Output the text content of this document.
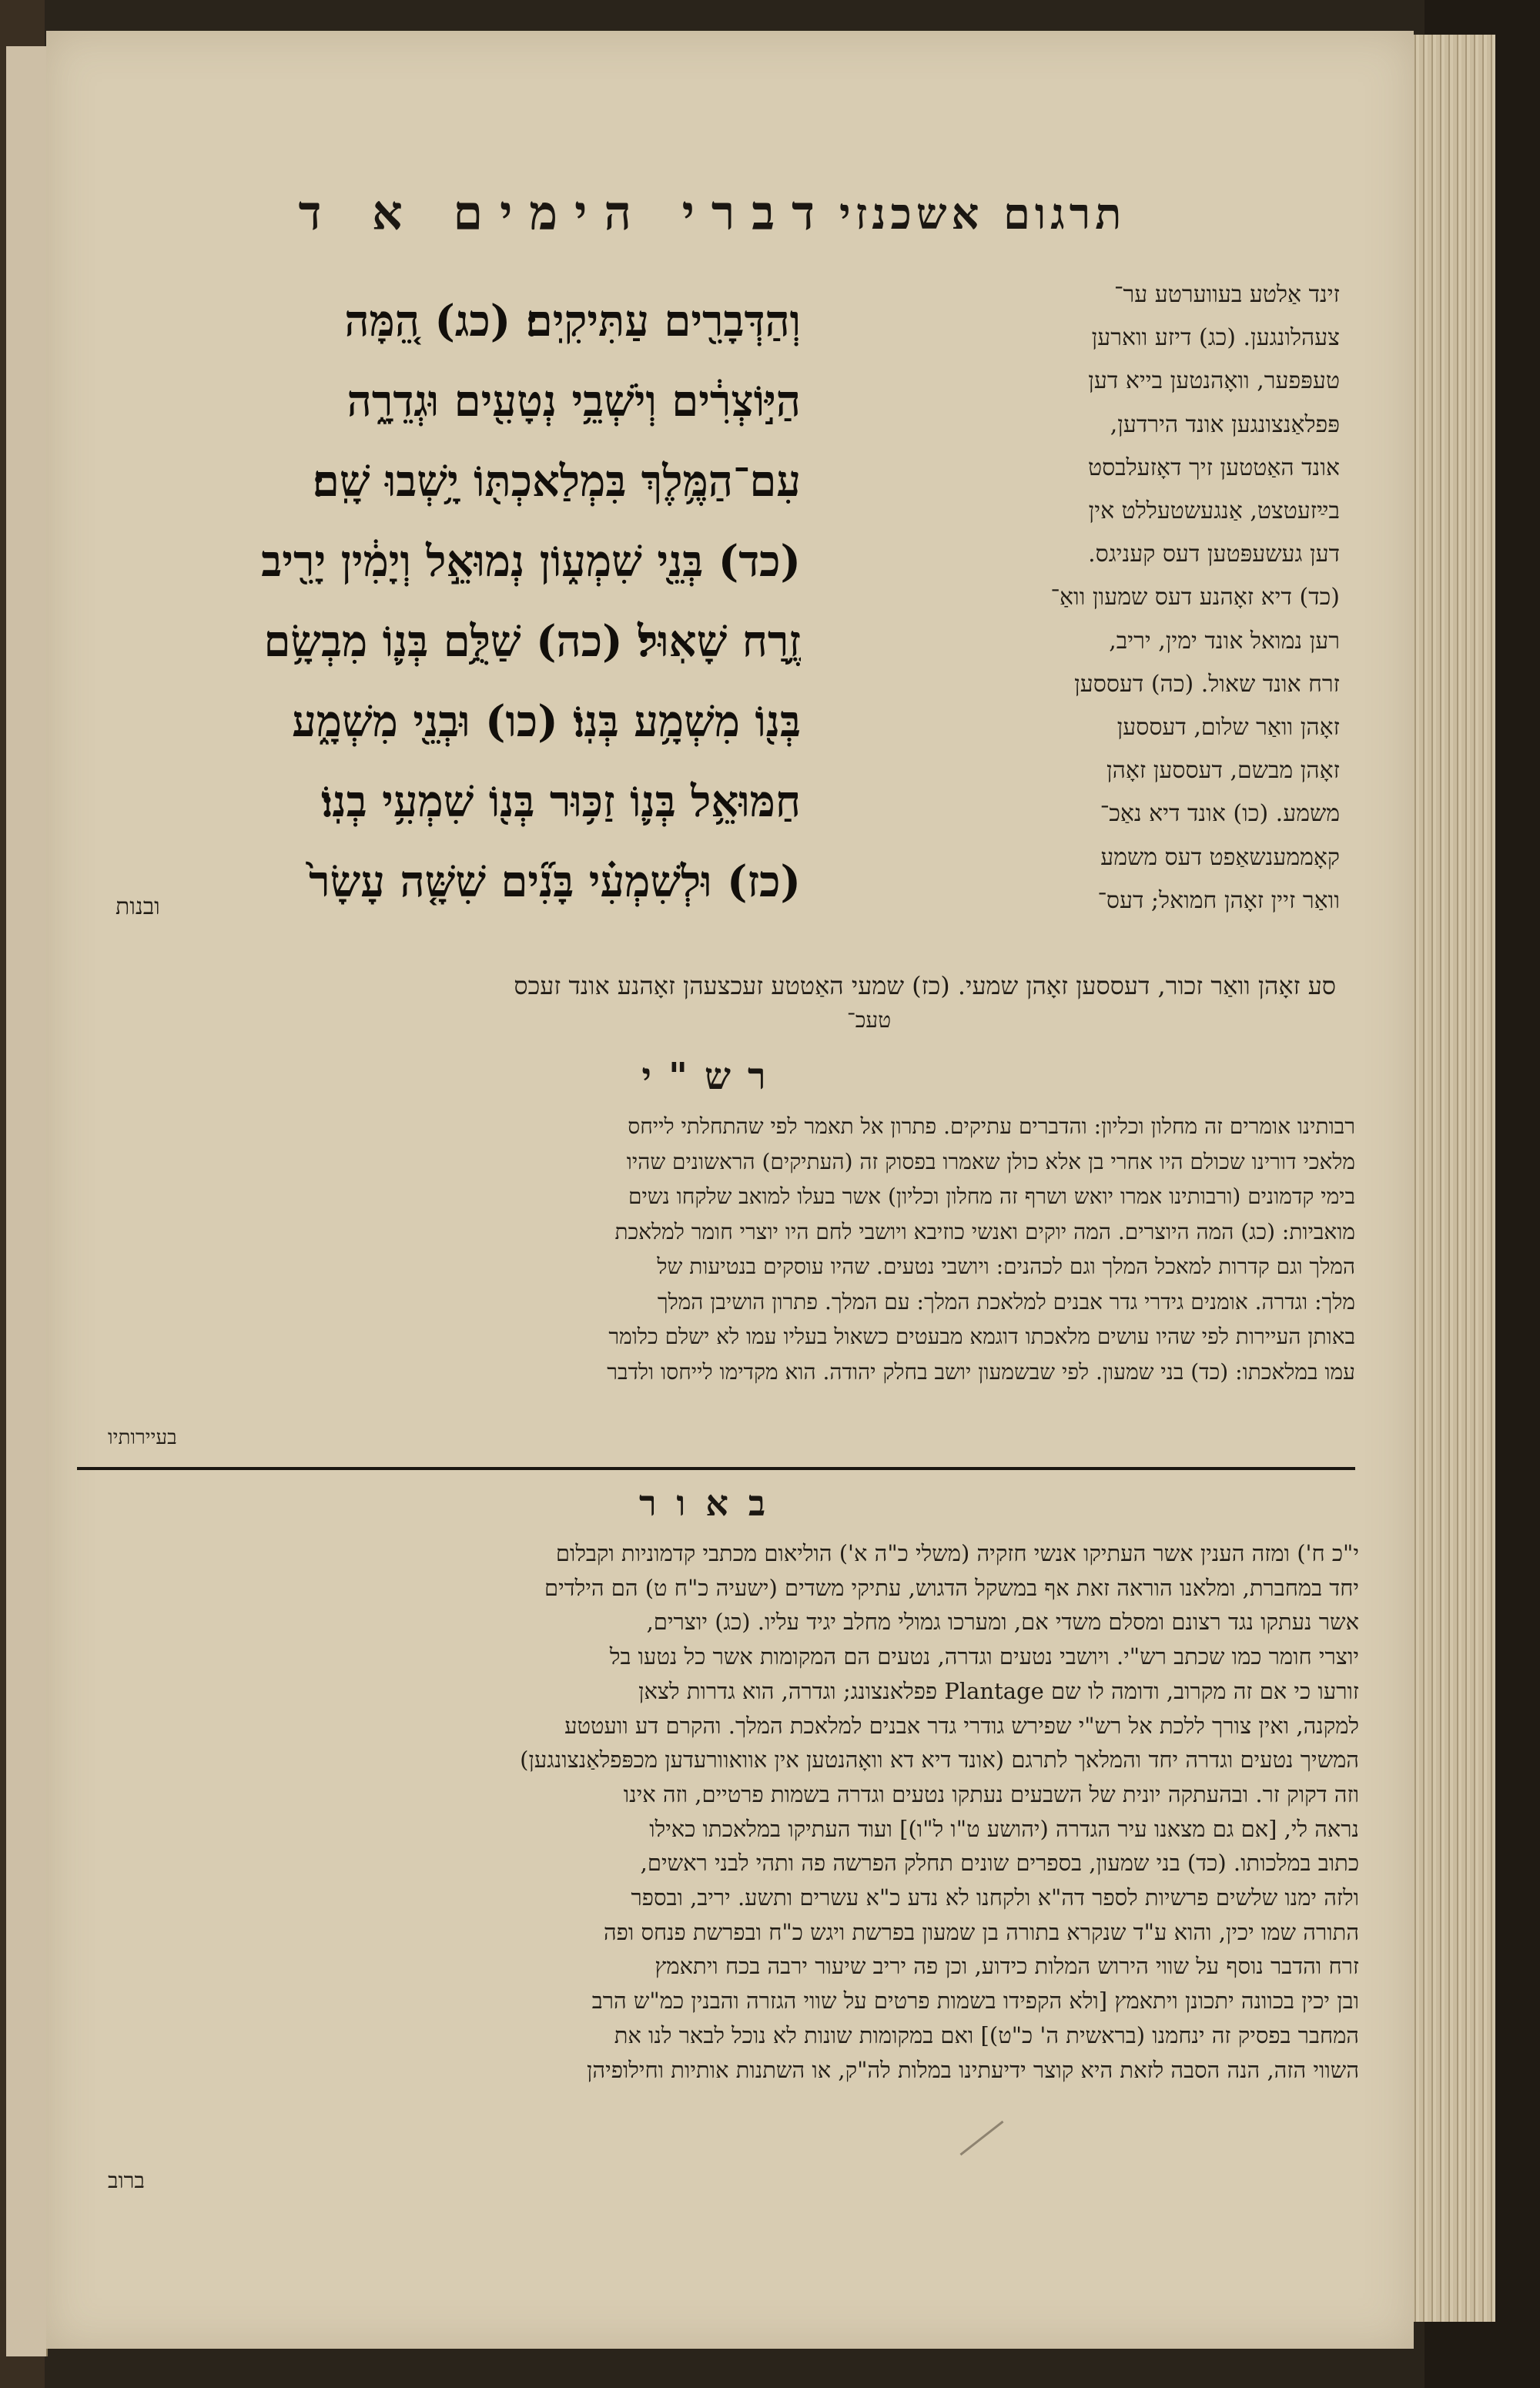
תרגום אשכנזי
דברי הימים א ד
וְהַדְּבָרִ֖ים עַתִּיקִֽים׃ (כג) הֵ֚מָּה
הַיּ֣וֹצְרִ֔ים וְיֹשְׁבֵ֥י נְטָעִ֖ים וּגְדֵרָ֑ה
עִם־הַמֶּ֥לֶךְ בִּמְלַאכְתּ֖וֹ יָ֥שְׁבוּ שָֽׁם׃
(כד) בְּנֵ֖י שִׁמְע֑וֹן נְמוּאֵ֣ל וְיָמִ֔ין יָרִ֖יב
זֶ֥רַח שָׁאֽוּל׃ (כה) שַׁלֻּ֥ם בְּנ֛וֹ מִבְשָׂ֥ם
בְּנ֖וֹ מִשְׁמָ֥ע בְּנֽוֹ׃ (כו) וּבְנֵ֖י מִשְׁמָ֑ע
חַמּוּאֵ֥ל בְּנ֛וֹ זַכּ֥וּר בְּנ֖וֹ שִׁמְעִ֥י בְנֽוֹ׃
(כז) וּלְשִׁמְעִ֗י בָּנִ֞ים שִׁשָּׁ֤ה עָשָׂר֙
ובנות
זינד אַלטע בעווערטע ער־
צעהלונגען. (כג) דיזע ווארען
טעפּפער, וואָהנטען בייא דען
פּפלאַנצונגען אונד הירדען,
אונד האַטטען זיך דאָזעלבסט
בײַזעטצט, אַנגעשטעללט אין
דען געשעפּטען דעס קעניגס.
(כד) דיא זאָהנע דעס שמעון וואַ־
רען נמואל אונד ימין, יריב,
זרח אונד שאול. (כה) דעססען
זאָהן וואַר שלום, דעססען
זאָהן מבשם, דעססען זאָהן
משמע. (כו) אונד דיא נאַכ־
קאָממענשאַפט דעס משמע
וואַר זיין זאָהן חמואל; דעס־
סע זאָהן וואַר זכור, דעססען זאָהן שמעי. (כז) שמעי האַטטע זעכצעהן זאָהנע אונד זעכס
טעכ־
רש"י
רבותינו אומרים זה מחלון וכליון: והדברים עתיקים. פתרון אל תאמר לפי שהתחלתי לייחס
מלאכי דורינו שכולם היו אחרי בן אלא כולן שאמרו בפסוק זה (העתיקים) הראשונים שהיו
בימי קדמונים (ורבותינו אמרו יואש ושרף זה מחלון וכליון) אשר בעלו למואב שלקחו נשים
מואביות: (כג) המה היוצרים. המה יוקים ואנשי כוזיבא ויושבי לחם היו יוצרי חומר למלאכת
המלך וגם קדרות למאכל המלך וגם לכהנים: ויושבי נטעים. שהיו עוסקים בנטיעות של
מלך: וגדרה. אומנים גידרי גדר אבנים למלאכת המלך: עם המלך. פתרון הושיבן המלך
באותן העיירות לפי שהיו עושים מלאכתו דוגמא מבעטים כשאול בעליו עמו לא ישלם כלומר
עמו במלאכתו: (כד) בני שמעון. לפי שבשמעון יושב בחלק יהודה. הוא מקדימו לייחסו ולדבר
בעיירותיו
באור
י"כ ח') ומזה הענין אשר העתיקו אנשי חזקיה (משלי כ"ה א') הוליאום מכתבי קדמוניות וקבלום
יחד במחברת, ומלאנו הוראה זאת אף במשקל הדגוש, עתיקי משדים (ישעיה כ"ח ט) הם הילדים
אשר נעתקו נגד רצונם ומסלם משדי אם, ומערכו גמולי מחלב יגיד עליו. (כג) יוצרים,
יוצרי חומר כמו שכתב רש"י. ויושבי נטעים וגדרה, נטעים הם המקומות אשר כל נטעו בל
זורעו כי אם זה מקרוב, ודומה לו שם Plantage פפלאנצונג; וגדרה, הוא גדרות לצאן
למקנה, ואין צורך ללכת אל רש"י שפירש גודרי גדר אבנים למלאכת המלך. והקרם דע וועטטע
המשיך נטעים וגדרה יחד והמלאך לתרגם (אונד דיא דא וואָהנטען אין אוואוורעדען מכפּפלאַנצונגען)
וזה דקוק זר. ובהעתקה יונית של השבעים נעתקו נטעים וגדרה בשמות פרטיים, וזה אינו
נראה לי, [אם גם מצאנו עיר הגדרה (יהושע ט"ו ל"ו)] ועוד העתיקו במלאכתו כאילו
כתוב במלכותו. (כד) בני שמעון, בספרים שונים תחלק הפרשה פה ותהי לבני ראשים,
ולזה ימנו שלשים פרשיות לספר דה"א ולקחנו לא נדע כ"א עשרים ותשע. יריב, ובספר
התורה שמו יכין, והוא ע"ד שנקרא בתורה בן שמעון בפרשת ויגש כ"ח ובפרשת פנחס ופה
זרח והדבר נוסף על שווי הירוש המלות כידוע, וכן פה יריב שיעור ירבה בכח ויתאמץ
ובן יכין בכוונה יתכונן ויתאמץ [ולא הקפידו בשמות פרטים על שווי הגזרה והבנין כמ"ש הרב
המחבר בפסיק זה ינחמנו (בראשית ה' כ"ט)] ואם במקומות שונות לא נוכל לבאר לנו את
השווי הזה, הנה הסבה לזאת היא קוצר ידיעתינו במלות לה"ק, או השתנות אותיות וחילופיהן
ברוב
